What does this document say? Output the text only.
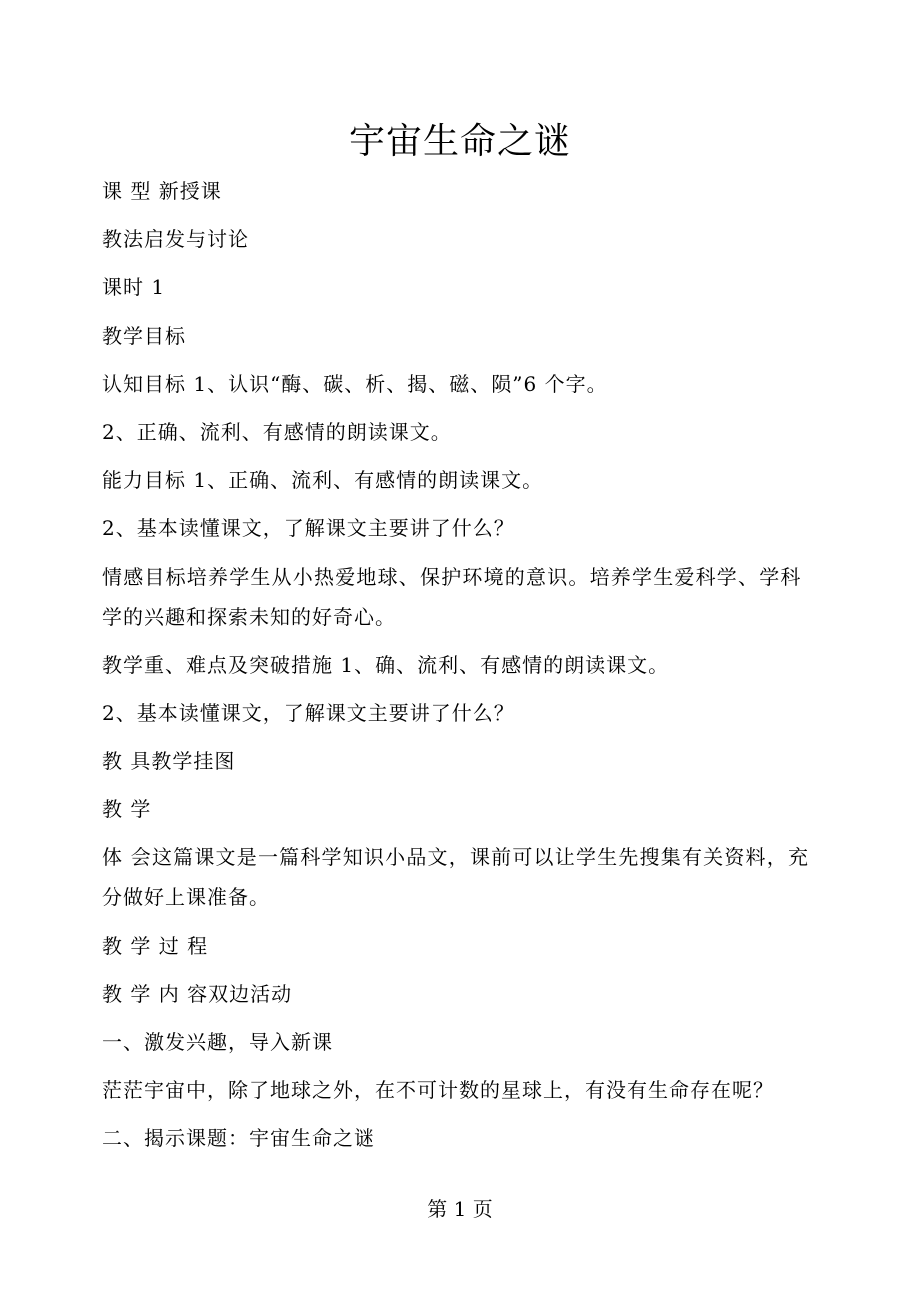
宇宙生命之谜
课 型 新授课
教法启发与讨论
课时 1
教学目标
认知目标 1、认识“酶、碳、析、揭、磁、陨”6 个字。
2、正确、流利、有感情的朗读课文。
能力目标 1、正确、流利、有感情的朗读课文。
2、基本读懂课文，了解课文主要讲了什么？
情感目标培养学生从小热爱地球、保护环境的意识。培养学生爱科学、学科
学的兴趣和探索未知的好奇心。
教学重、难点及突破措施 1、确、流利、有感情的朗读课文。
2、基本读懂课文，了解课文主要讲了什么？
教 具教学挂图
教 学
体 会这篇课文是一篇科学知识小品文，课前可以让学生先搜集有关资料，充
分做好上课准备。
教 学 过 程
教 学 内 容双边活动
一、激发兴趣，导入新课
茫茫宇宙中，除了地球之外，在不可计数的星球上，有没有生命存在呢？
二、揭示课题：宇宙生命之谜
第 1 页
